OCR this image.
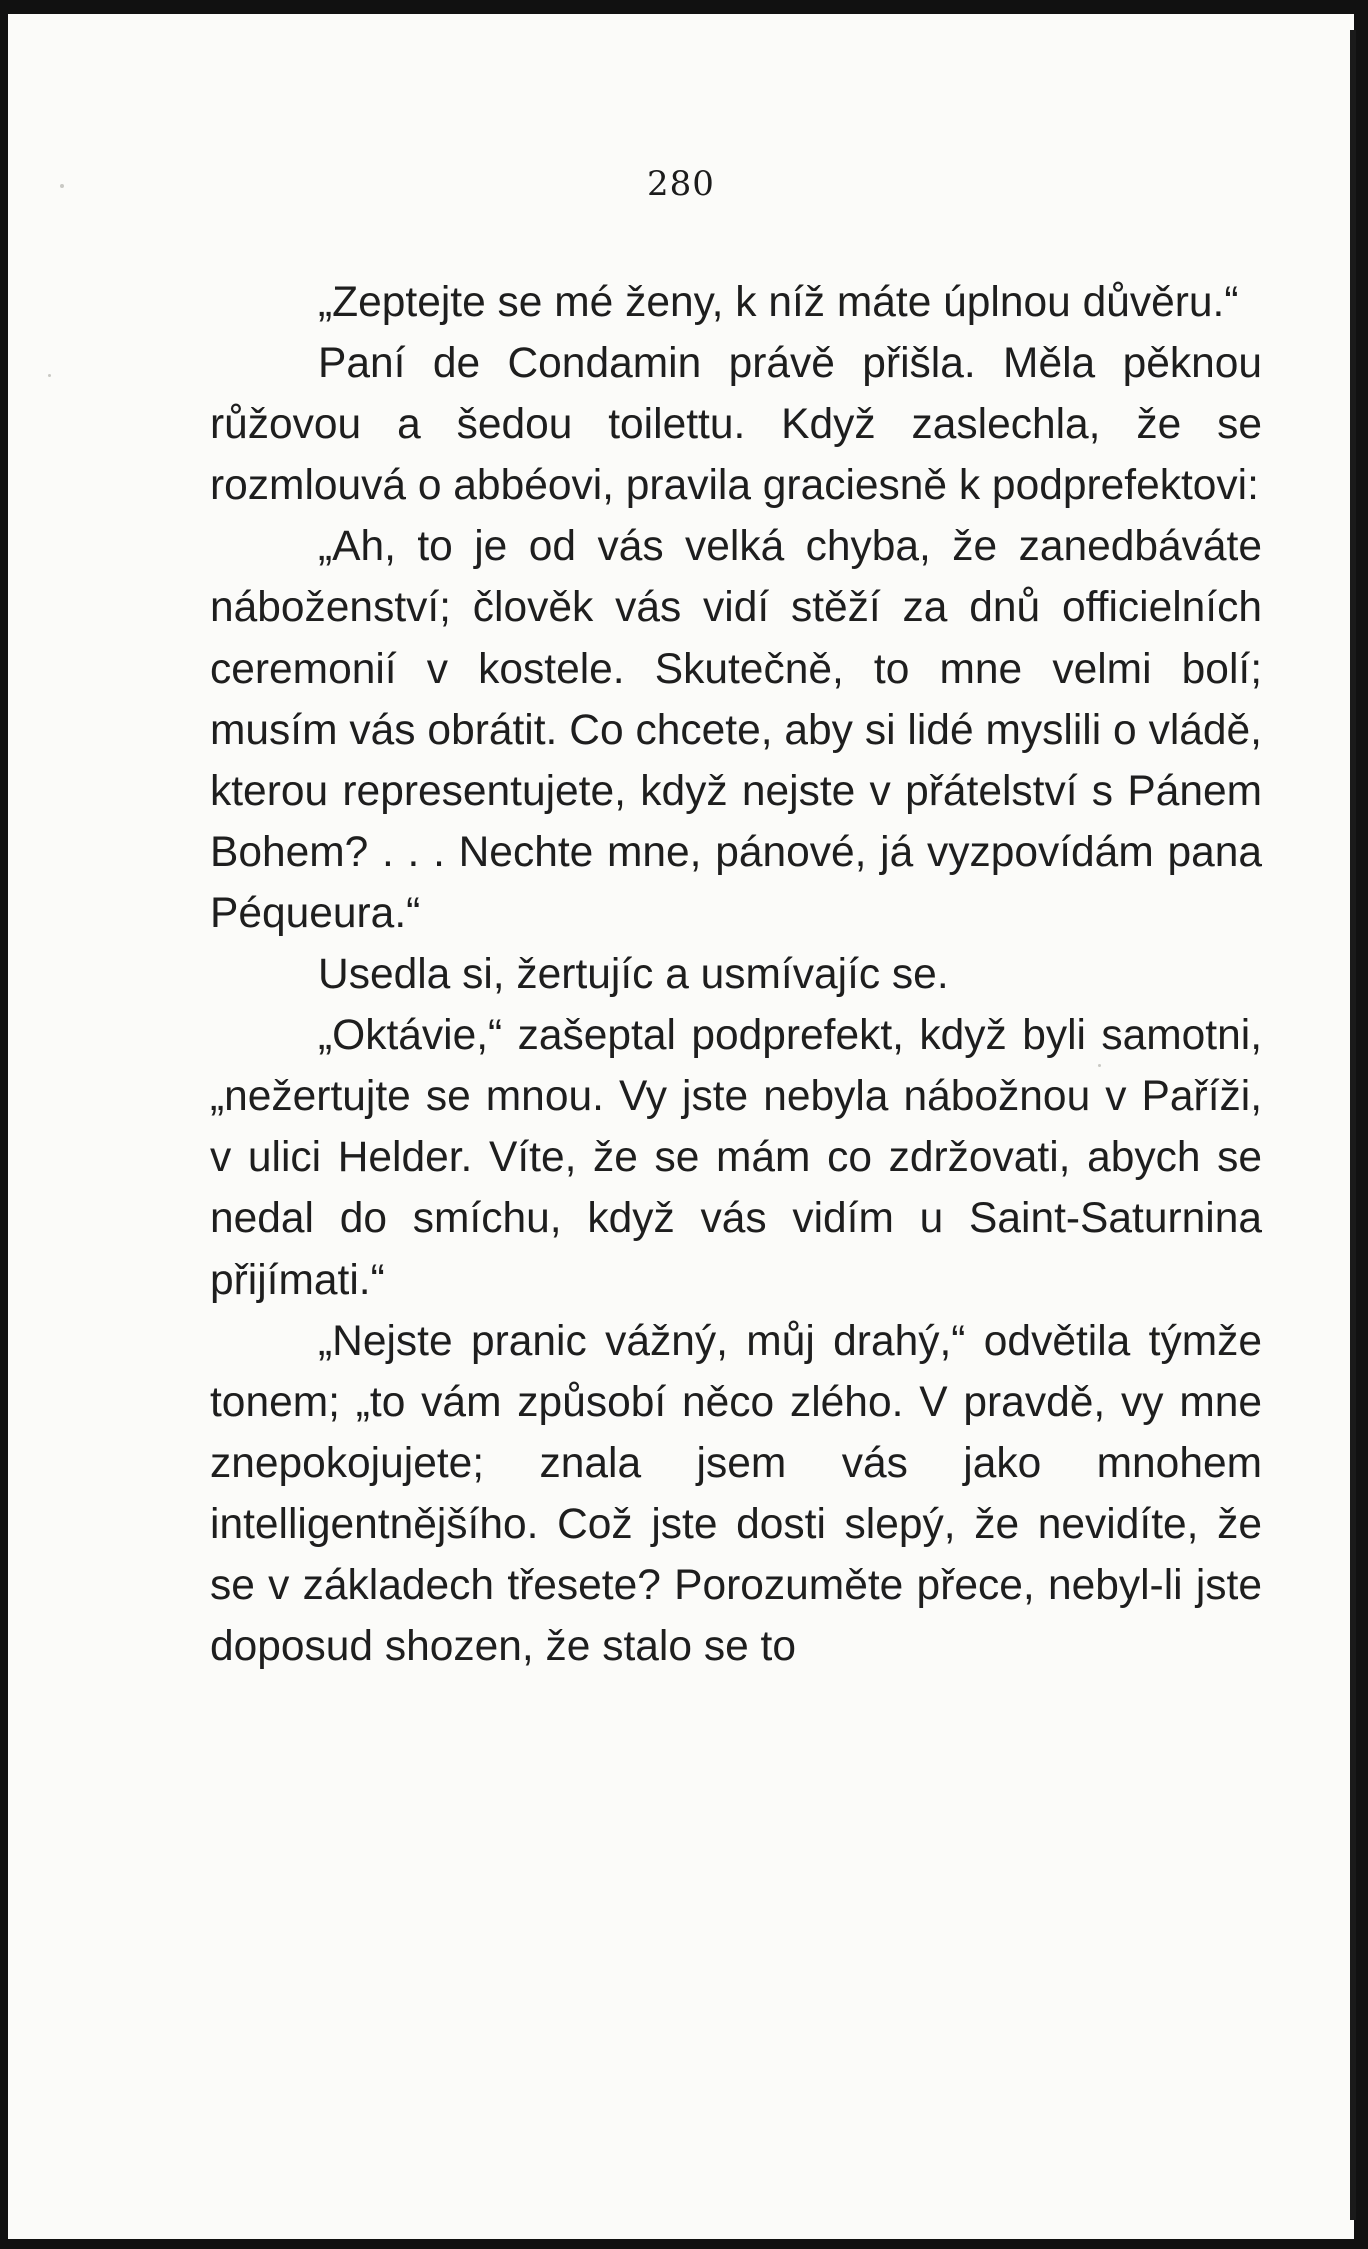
280

„Zeptejte se mé ženy, k níž máte úplnou důvěru.“

Paní de Condamin právě přišla. Měla pěknou růžovou a šedou toilettu. Když zaslechla, že se rozmlouvá o abbéovi, pravila graciesně k podprefektovi:

„Ah, to je od vás velká chyba, že zanedbáváte náboženství; člověk vás vidí stěží za dnů officielních ceremonií v kostele. Skutečně, to mne velmi bolí; musím vás obrátit. Co chcete, aby si lidé myslili o vládě, kterou representujete, když nejste v přátelství s Pánem Bohem? . . . Nechte mne, pánové, já vyzpovídám pana Péqueura.“

Usedla si, žertujíc a usmívajíc se.

„Oktávie,“ zašeptal podprefekt, když byli samotni, „nežertujte se mnou. Vy jste nebyla nábožnou v Paříži, v ulici Helder. Víte, že se mám co zdržovati, abych se nedal do smíchu, když vás vidím u Saint-Saturnina přijímati.“

„Nejste pranic vážný, můj drahý,“ odvětila týmže tonem; „to vám způsobí něco zlého. V pravdě, vy mne znepokojujete; znala jsem vás jako mnohem intelligentnějšího. Což jste dosti slepý, že nevidíte, že se v základech třesete? Porozuměte přece, nebyl-li jste doposud shozen, že stalo se to
